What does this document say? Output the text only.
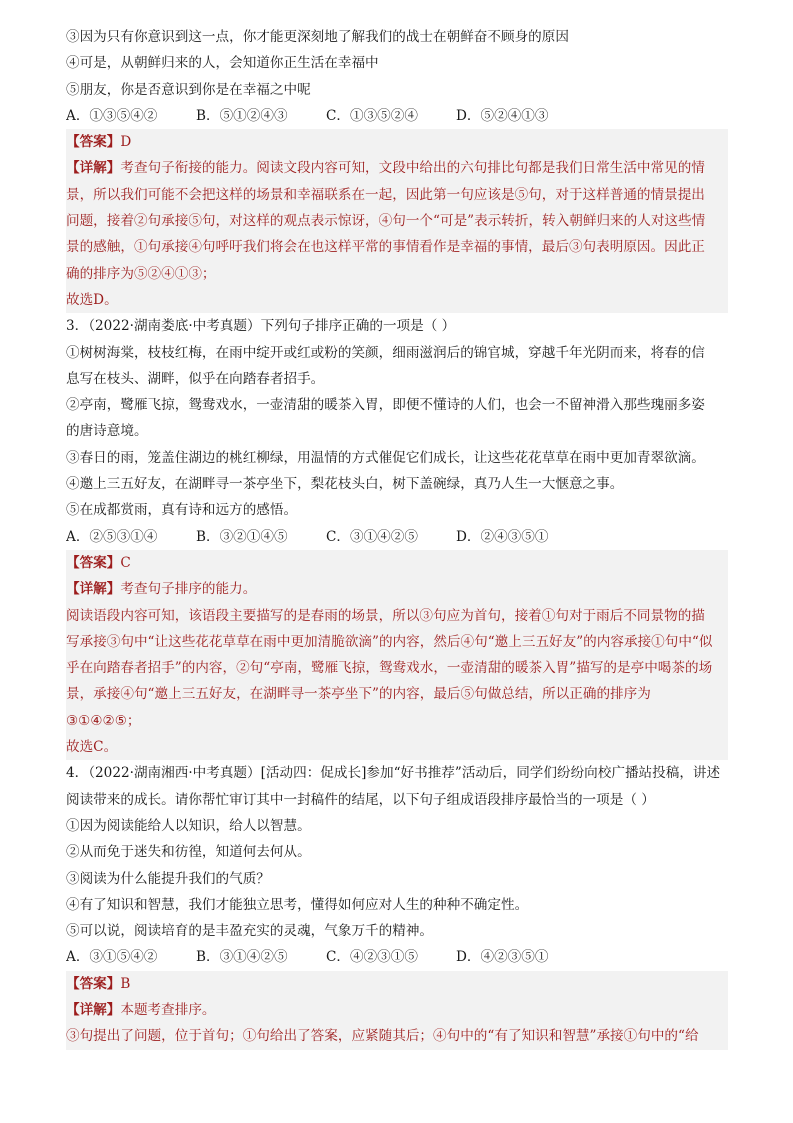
③因为只有你意识到这一点，你才能更深刻地了解我们的战士在朝鲜奋不顾身的原因
④可是，从朝鲜归来的人，会知道你正生活在幸福中
⑤朋友，你是否意识到你是在幸福之中呢
A．①③⑤④②	B．⑤①②④③	C．①③⑤②④	D．⑤②④①③
【答案】D
【详解】考查句子衔接的能力。阅读文段内容可知，文段中给出的六句排比句都是我们日常生活中常见的情
景，所以我们可能不会把这样的场景和幸福联系在一起，因此第一句应该是⑤句，对于这样普通的情景提出
问题，接着②句承接⑤句，对这样的观点表示惊讶，④句一个“可是”表示转折，转入朝鲜归来的人对这些情
景的感触，①句承接④句呼吁我们将会在也这样平常的事情看作是幸福的事情，最后③句表明原因。因此正
确的排序为⑤②④①③；
故选D。
3．（2022·湖南娄底·中考真题）下列句子排序正确的一项是（ ）
①树树海棠，枝枝红梅，在雨中绽开或红或粉的笑颜，细雨滋润后的锦官城，穿越千年光阴而来，将春的信
息写在枝头、湖畔，似乎在向踏春者招手。
②亭南，鹭雁飞掠，鸳鸯戏水，一壶清甜的暖茶入胃，即便不懂诗的人们，也会一不留神滑入那些瑰丽多姿
的唐诗意境。
③春日的雨，笼盖住湖边的桃红柳绿，用温情的方式催促它们成长，让这些花花草草在雨中更加青翠欲滴。
④邀上三五好友，在湖畔寻一茶亭坐下，梨花枝头白，树下盖碗绿，真乃人生一大惬意之事。
⑤在成都赏雨，真有诗和远方的感悟。
A．②⑤③①④	B．③②①④⑤	C．③①④②⑤	D．②④③⑤①
【答案】C
【详解】考查句子排序的能力。
阅读语段内容可知，该语段主要描写的是春雨的场景，所以③句应为首句，接着①句对于雨后不同景物的描
写承接③句中“让这些花花草草在雨中更加清脆欲滴”的内容，然后④句“邀上三五好友”的内容承接①句中“似
乎在向踏春者招手”的内容，②句“亭南，鹭雁飞掠，鸳鸯戏水，一壶清甜的暖茶入胃”描写的是亭中喝茶的场
景，承接④句“邀上三五好友，在湖畔寻一茶亭坐下”的内容，最后⑤句做总结，所以正确的排序为
③①④②⑤；
故选C。
4．（2022·湖南湘西·中考真题）[活动四：促成长]参加“好书推荐”活动后，同学们纷纷向校广播站投稿，讲述
阅读带来的成长。请你帮忙审订其中一封稿件的结尾，以下句子组成语段排序最恰当的一项是（ ）
①因为阅读能给人以知识，给人以智慧。
②从而免于迷失和彷徨，知道何去何从。
③阅读为什么能提升我们的气质？
④有了知识和智慧，我们才能独立思考，懂得如何应对人生的种种不确定性。
⑤可以说，阅读培育的是丰盈充实的灵魂，气象万千的精神。
A．③①⑤④②	B．③①④②⑤	C．④②③①⑤	D．④②③⑤①
【答案】B
【详解】本题考查排序。
③句提出了问题，位于首句；①句给出了答案，应紧随其后；④句中的“有了知识和智慧”承接①句中的“给
